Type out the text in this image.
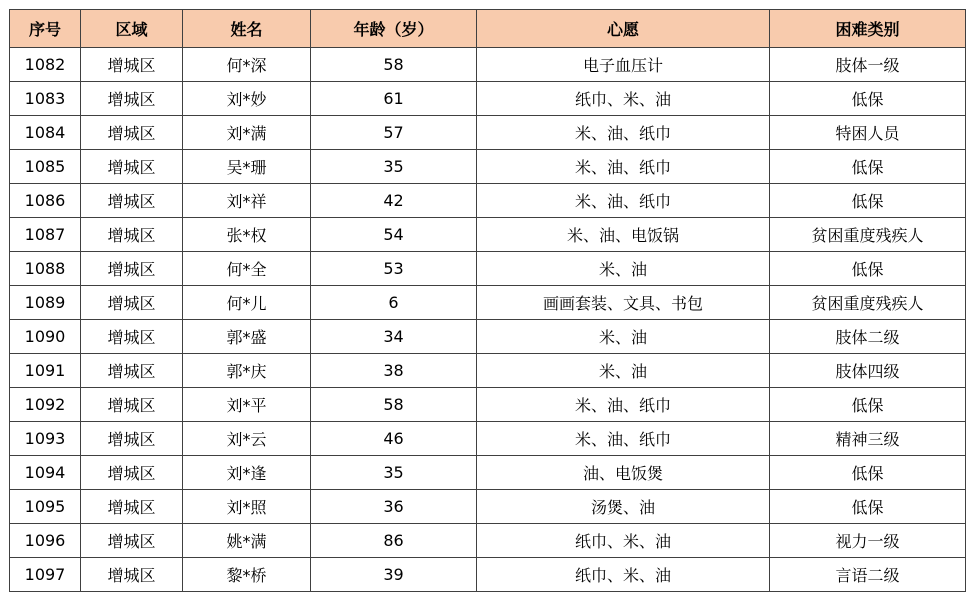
序号	区域	姓名	年龄（岁）	心愿	困难类别
1082	增城区	何*深	58	电子血压计	肢体一级
1083	增城区	刘*妙	61	纸巾、米、油	低保
1084	增城区	刘*满	57	米、油、纸巾	特困人员
1085	增城区	吴*珊	35	米、油、纸巾	低保
1086	增城区	刘*祥	42	米、油、纸巾	低保
1087	增城区	张*权	54	米、油、电饭锅	贫困重度残疾人
1088	增城区	何*全	53	米、油	低保
1089	增城区	何*儿	6	画画套装、文具、书包	贫困重度残疾人
1090	增城区	郭*盛	34	米、油	肢体二级
1091	增城区	郭*庆	38	米、油	肢体四级
1092	增城区	刘*平	58	米、油、纸巾	低保
1093	增城区	刘*云	46	米、油、纸巾	精神三级
1094	增城区	刘*逢	35	油、电饭煲	低保
1095	增城区	刘*照	36	汤煲、油	低保
1096	增城区	姚*满	86	纸巾、米、油	视力一级
1097	增城区	黎*桥	39	纸巾、米、油	言语二级
